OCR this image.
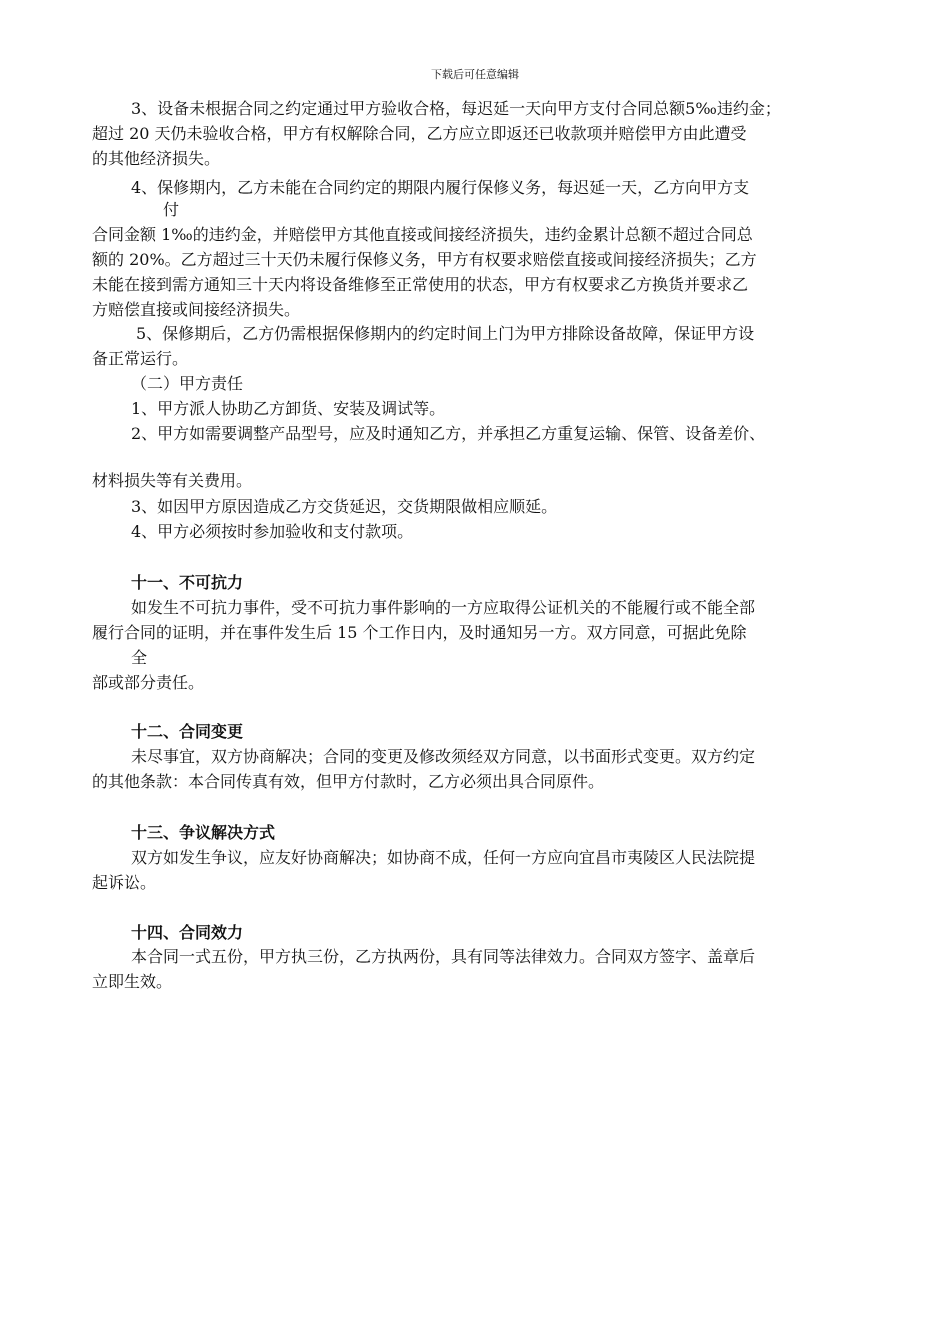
下载后可任意编辑
3、设备未根据合同之约定通过甲方验收合格，每迟延一天向甲方支付合同总额5‰违约金；
超过 20 天仍未验收合格，甲方有权解除合同，乙方应立即返还已收款项并赔偿甲方由此遭受
的其他经济损失。
4、保修期内，乙方未能在合同约定的期限内履行保修义务，每迟延一天，乙方向甲方支
付
合同金额 1‰的违约金，并赔偿甲方其他直接或间接经济损失，违约金累计总额不超过合同总
额的 20%。乙方超过三十天仍未履行保修义务，甲方有权要求赔偿直接或间接经济损失；乙方
未能在接到需方通知三十天内将设备维修至正常使用的状态，甲方有权要求乙方换货并要求乙
方赔偿直接或间接经济损失。
5、保修期后，乙方仍需根据保修期内的约定时间上门为甲方排除设备故障，保证甲方设
备正常运行。
（二）甲方责任
1、甲方派人协助乙方卸货、安装及调试等。
2、甲方如需要调整产品型号，应及时通知乙方，并承担乙方重复运输、保管、设备差价、
材料损失等有关费用。
3、如因甲方原因造成乙方交货延迟，交货期限做相应顺延。
4、甲方必须按时参加验收和支付款项。
十一、不可抗力
如发生不可抗力事件，受不可抗力事件影响的一方应取得公证机关的不能履行或不能全部
履行合同的证明，并在事件发生后 15 个工作日内，及时通知另一方。双方同意，可据此免除
全
部或部分责任。
十二、合同变更
未尽事宜，双方协商解决；合同的变更及修改须经双方同意，以书面形式变更。双方约定
的其他条款：本合同传真有效，但甲方付款时，乙方必须出具合同原件。
十三、争议解决方式
双方如发生争议，应友好协商解决；如协商不成，任何一方应向宜昌市夷陵区人民法院提
起诉讼。
十四、合同效力
本合同一式五份，甲方执三份，乙方执两份，具有同等法律效力。合同双方签字、盖章后
立即生效。
